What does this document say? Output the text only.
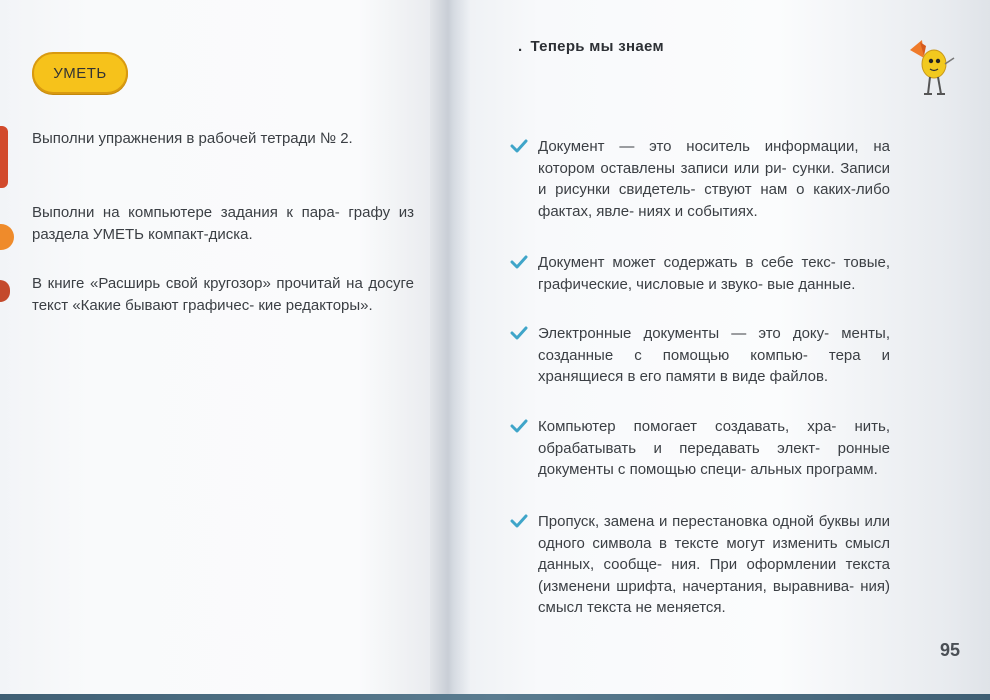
УМЕТЬ
Выполни упражнения в рабочей тетради № 2.
Выполни на компьютере задания к пара- графу из раздела УМЕТЬ компакт-диска.
В книге «Расширь свой кругозор» прочитай на досуге текст «Какие бывают графичес- кие редакторы».
. Теперь мы знаем
Документ — это носитель информации, на котором оставлены записи или ри- сунки. Записи и рисунки свидетель- ствуют нам о каких-либо фактах, явле- ниях и событиях.
Документ может содержать в себе текс- товые, графические, числовые и звуко- вые данные.
Электронные документы — это доку- менты, созданные с помощью компью- тера и хранящиеся в его памяти в виде файлов.
Компьютер помогает создавать, хра- нить, обрабатывать и передавать элект- ронные документы с помощью специ- альных программ.
Пропуск, замена и перестановка одной буквы или одного символа в тексте могут изменить смысл данных, сообще- ния. При оформлении текста (изменени шрифта, начертания, выравнива- ния) смысл текста не меняется.
95
